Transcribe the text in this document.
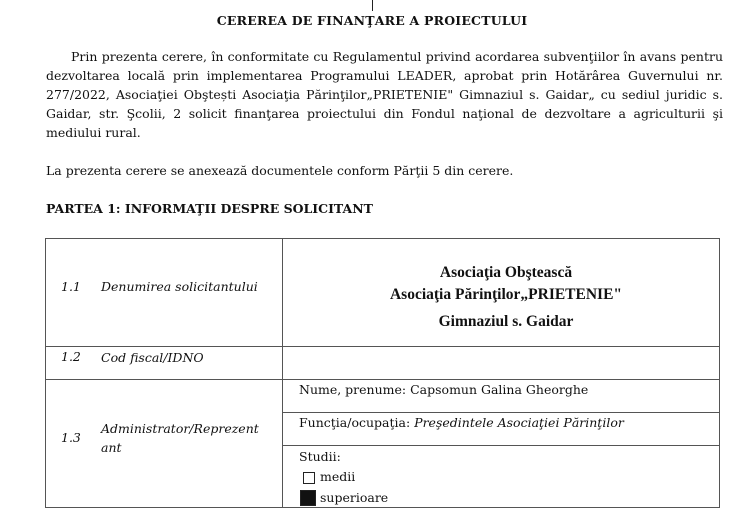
CEREREA DE FINANŢARE A PROIECTULUI
Prin prezenta cerere, în conformitate cu Regulamentul privind acordarea subvenţiilor în avans pentru dezvoltarea locală prin implementarea Programului LEADER, aprobat prin Hotărârea Guvernului nr. 277/2022, Asociaţiei Obştești Asociaţia Părinţilor„PRIETENIE" Gimnaziul s. Gaidar„ cu sediul juridic s. Gaidar, str. Şcolii, 2 solicit finanţarea proiectului din Fondul naţional de dezvoltare a agriculturii şi mediului rural.
La prezenta cerere se anexează documentele conform Părţii 5 din cerere.
PARTEA 1: INFORMAŢII DESPRE SOLICITANT
1.1 Denumirea solicitantului
Asociaţia Obştească
Asociaţia Părinţilor„PRIETENIE"
Gimnaziul s. Gaidar
1.2 Cod fiscal/IDNO
1.3
Administrator/Reprezent
ant
Nume, prenume: Capsomun Galina Gheorghe
Funcţia/ocupaţia: Preşedintele Asociaţiei Părinţilor
Studii:
medii
superioare
